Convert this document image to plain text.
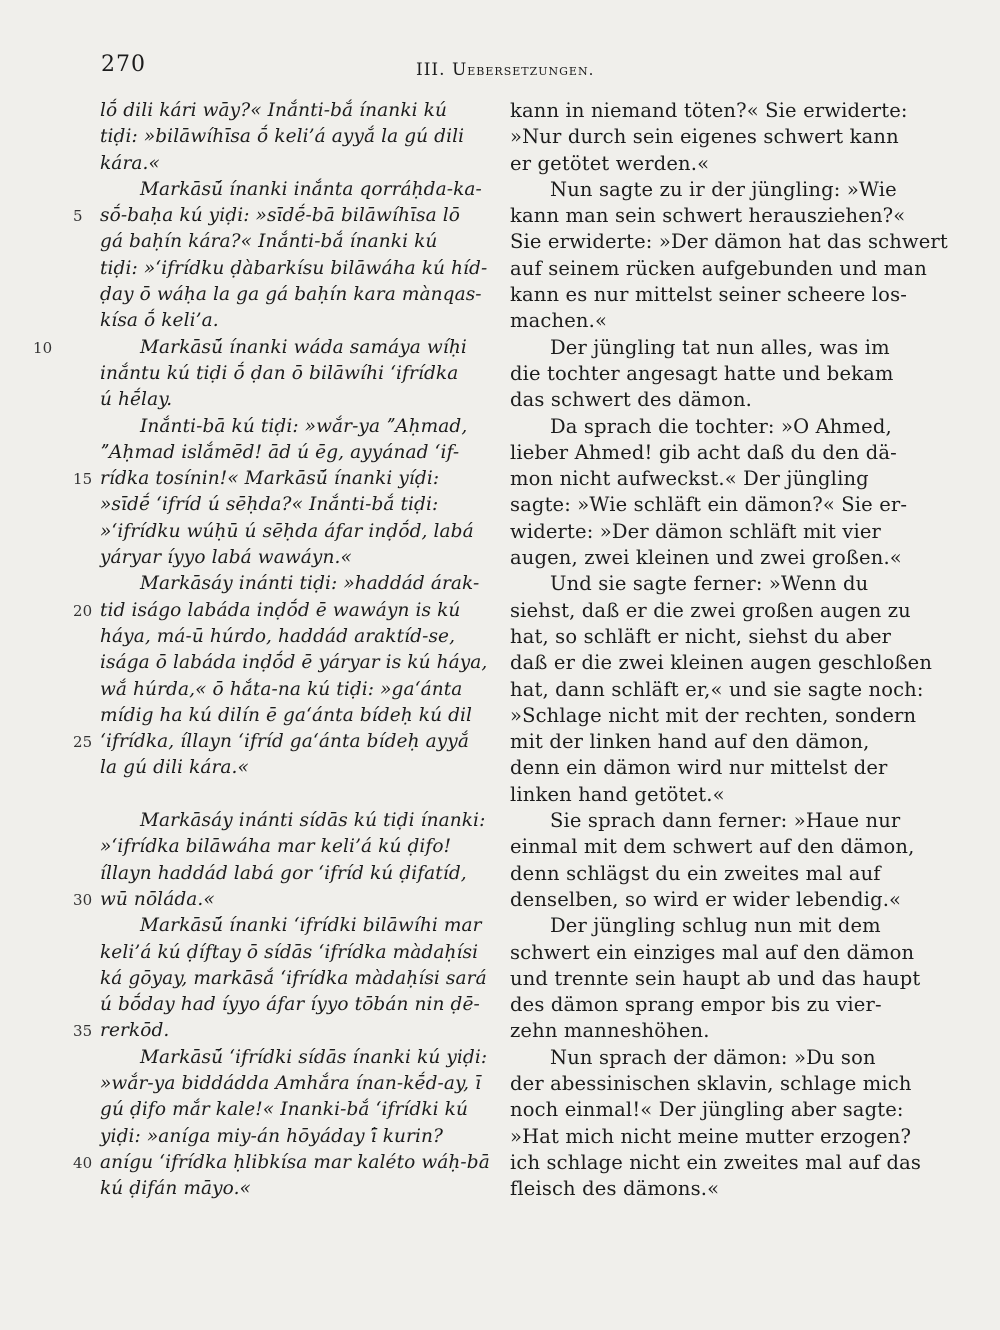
270	III. Uebersetzungen.
lṓ dili kári wāy?« Inắnti-bắ ínanki kú
tiḍi: »bilāwíhīsa ṓ keli’á ayyắ la gú dili
kára.«
Markāsū́ ínanki inắnta qorráḥda-ka-
sṓ-baḥa kú yiḍi: »sīdḗ-bā bilāwíhīsa lō
5
gá baḥín kára?« Inắnti-bắ ínanki kú
tiḍi: »‘ifrídku ḍàbarkísu bilāwáha kú híd-
ḍay ō wáḥa la ga gá baḥín kara mànqas-
kísa ṓ keli’a.
Markāsū́ ínanki wáda samáya wíḥi
10
inắntu kú tiḍi ṓ ḍan ō bilāwíhi ‘ifrídka
ú hḗlay.
Inắnti-bā kú tiḍi: »wắr-ya ˮAḥmad,
ˮAḥmad islắmēd! ād ú ēg, ayyánad ‘if-
rídka tosínin!« Markāsū́ ínanki yíḍi:
15
»sīdḗ ‘ifríd ú sēḥda?« Inắnti-bắ tiḍi:
»‘ifrídku wúḥū ú sēḥda áfar inḍṓd, labá
yáryar íyyo labá wawáyn.«
Markāsáy inánti tiḍi: »haddád árak-
tid iságo labáda inḍṓd ē wawáyn is kú
20
háya, má-ū húrdo, haddád araktíd-se,
isága ō labáda inḍṓd ē yáryar is kú háya,
wắ húrda,« ō hắta-na kú tiḍi: »ga‘ánta
mídig ha kú dilín ē ga‘ánta bídeḥ kú dil
‘ifrídka, íllayn ‘ifríd ga‘ánta bídeḥ ayyắ
25
la gú dili kára.«
Markāsáy inánti sídās kú tiḍi ínanki:
»‘ifrídka bilāwáha mar keli’á kú ḍifo!
íllayn haddád labá gor ‘ifríd kú ḍifatíd,
wū nōláda.«
30
Markāsū́ ínanki ‘ifrídki bilāwíhi mar
keli’á kú ḍíftay ō sídās ‘ifrídka màdaḥísi
ká gōyay, markāsắ ‘ifrídka màdaḥísi sará
ú bṓday had íyyo áfar íyyo tōbán nin ḍē-
rerkōd.
35
Markāsū́ ‘ifrídki sídās ínanki kú yiḍi:
»wắr-ya biddádda Amhắra ínan-kḗd-ay, ī
gú ḍifo mắr kale!« Inanki-bắ ‘ifrídki kú
yiḍi: »aníga miy-án hōyáday ī́ kurin?
anígu ‘ifrídka ḥlibkísa mar kaléto wáḥ-bā
40
kú ḍifán māyo.«
kann in niemand töten?« Sie erwiderte:
»Nur durch sein eigenes schwert kann
er getötet werden.«
Nun sagte zu ir der jüngling: »Wie
kann man sein schwert herausziehen?«
Sie erwiderte: »Der dämon hat das schwert
auf seinem rücken aufgebunden und man
kann es nur mittelst seiner scheere los-
machen.«
Der jüngling tat nun alles, was im
die tochter angesagt hatte und bekam
das schwert des dämon.
Da sprach die tochter: »O Ahmed,
lieber Ahmed! gib acht daß du den dä-
mon nicht aufweckst.« Der jüngling
sagte: »Wie schläft ein dämon?« Sie er-
widerte: »Der dämon schläft mit vier
augen, zwei kleinen und zwei großen.«
Und sie sagte ferner: »Wenn du
siehst, daß er die zwei großen augen zu
hat, so schläft er nicht, siehst du aber
daß er die zwei kleinen augen geschloßen
hat, dann schläft er,« und sie sagte noch:
»Schlage nicht mit der rechten, sondern
mit der linken hand auf den dämon,
denn ein dämon wird nur mittelst der
linken hand getötet.«
Sie sprach dann ferner: »Haue nur
einmal mit dem schwert auf den dämon,
denn schlägst du ein zweites mal auf
denselben, so wird er wider lebendig.«
Der jüngling schlug nun mit dem
schwert ein einziges mal auf den dämon
und trennte sein haupt ab und das haupt
des dämon sprang empor bis zu vier-
zehn manneshöhen.
Nun sprach der dämon: »Du son
der abessinischen sklavin, schlage mich
noch einmal!« Der jüngling aber sagte:
»Hat mich nicht meine mutter erzogen?
ich schlage nicht ein zweites mal auf das
fleisch des dämons.«
